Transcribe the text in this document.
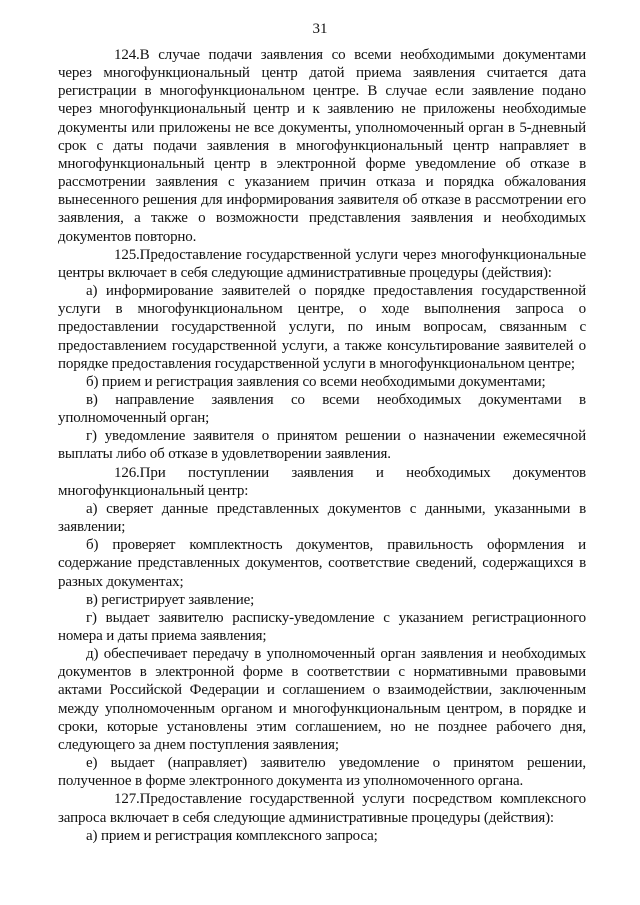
31

124.В случае подачи заявления со всеми необходимыми документами через многофункциональный центр датой приема заявления считается дата регистрации в многофункциональном центре. В случае если заявление подано через многофункциональный центр и к заявлению не приложены необходимые документы или приложены не все документы, уполномоченный орган в 5-дневный срок с даты подачи заявления в многофункциональный центр направляет в многофункциональный центр в электронной форме уведомление об отказе в рассмотрении заявления с указанием причин отказа и порядка обжалования вынесенного решения для информирования заявителя об отказе в рассмотрении его заявления, а также о возможности представления заявления и необходимых документов повторно.

125.Предоставление государственной услуги через многофункциональные центры включает в себя следующие административные процедуры (действия):

а) информирование заявителей о порядке предоставления государственной услуги в многофункциональном центре, о ходе выполнения запроса о предоставлении государственной услуги, по иным вопросам, связанным с предоставлением государственной услуги, а также консультирование заявителей о порядке предоставления государственной услуги в многофункциональном центре;

б) прием и регистрация заявления со всеми необходимыми документами;

в) направление заявления со всеми необходимых документами в уполномоченный орган;

г) уведомление заявителя о принятом решении о назначении ежемесячной выплаты либо об отказе в удовлетворении заявления.

126.При поступлении заявления и необходимых документов многофункциональный центр:

а) сверяет данные представленных документов с данными, указанными в заявлении;

б) проверяет комплектность документов, правильность оформления и содержание представленных документов, соответствие сведений, содержащихся в разных документах;

в) регистрирует заявление;

г) выдает заявителю расписку-уведомление с указанием регистрационного номера и даты приема заявления;

д) обеспечивает передачу в уполномоченный орган заявления и необходимых документов в электронной форме в соответствии с нормативными правовыми актами Российской Федерации и соглашением о взаимодействии, заключенным между уполномоченным органом и многофункциональным центром, в порядке и сроки, которые установлены этим соглашением, но не позднее рабочего дня, следующего за днем поступления заявления;

е) выдает (направляет) заявителю уведомление о принятом решении, полученное в форме электронного документа из уполномоченного органа.

127.Предоставление государственной услуги посредством комплексного запроса включает в себя следующие административные процедуры (действия):

а) прием и регистрация комплексного запроса;
